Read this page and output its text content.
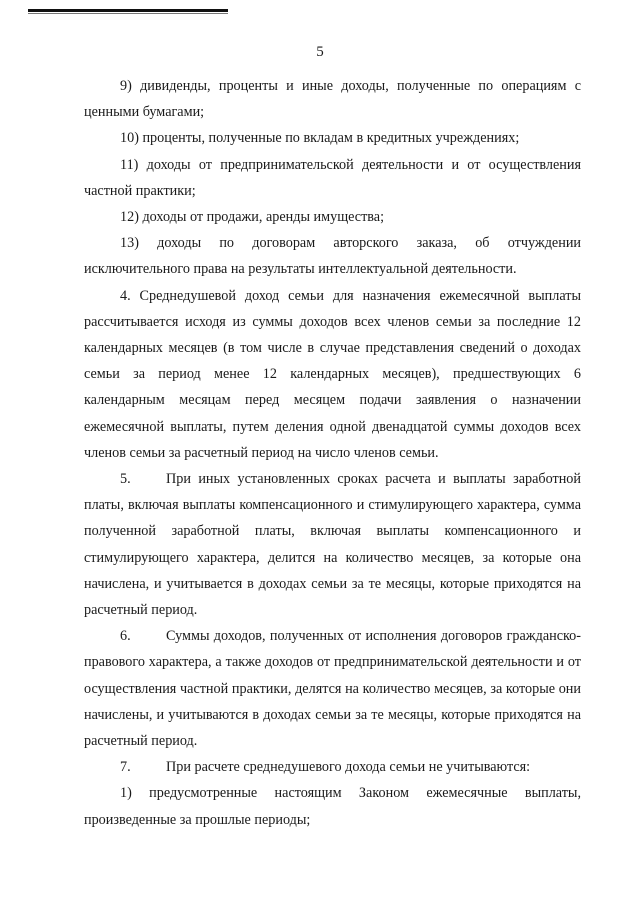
5

9) дивиденды, проценты и иные доходы, полученные по операциям с ценными бумагами;

10) проценты, полученные по вкладам в кредитных учреждениях;

11) доходы от предпринимательской деятельности и от осуществления частной практики;

12) доходы от продажи, аренды имущества;

13) доходы по договорам авторского заказа, об отчуждении исключительного права на результаты интеллектуальной деятельности.

4. Среднедушевой доход семьи для назначения ежемесячной выплаты рассчитывается исходя из суммы доходов всех членов семьи за последние 12 календарных месяцев (в том числе в случае представления сведений о доходах семьи за период менее 12 календарных месяцев), предшествующих 6 календарным месяцам перед месяцем подачи заявления о назначении ежемесячной выплаты, путем деления одной двенадцатой суммы доходов всех членов семьи за расчетный период на число членов семьи.

5. При иных установленных сроках расчета и выплаты заработной платы, включая выплаты компенсационного и стимулирующего характера, сумма полученной заработной платы, включая выплаты компенсационного и стимулирующего характера, делится на количество месяцев, за которые она начислена, и учитывается в доходах семьи за те месяцы, которые приходятся на расчетный период.

6. Суммы доходов, полученных от исполнения договоров гражданско-правового характера, а также доходов от предпринимательской деятельности и от осуществления частной практики, делятся на количество месяцев, за которые они начислены, и учитываются в доходах семьи за те месяцы, которые приходятся на расчетный период.

7. При расчете среднедушевого дохода семьи не учитываются:

1) предусмотренные настоящим Законом ежемесячные выплаты, произведенные за прошлые периоды;
